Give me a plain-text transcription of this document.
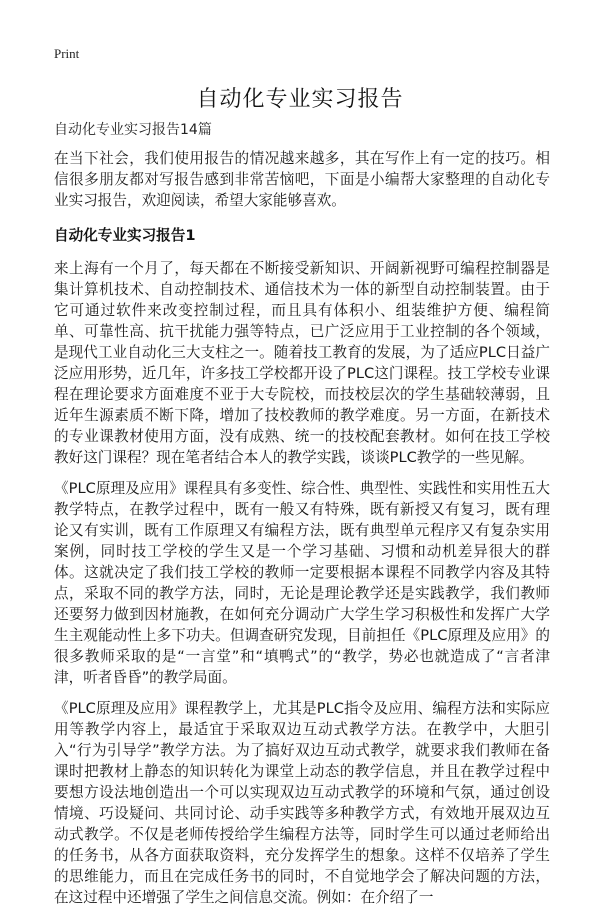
Print
自动化专业实习报告
自动化专业实习报告14篇

在当下社会，我们使用报告的情况越来越多，其在写作上有一定的技巧。相信很多朋友都对写报告感到非常苦恼吧，下面是小编帮大家整理的自动化专业实习报告，欢迎阅读，希望大家能够喜欢。

自动化专业实习报告1

来上海有一个月了，每天都在不断接受新知识、开阔新视野可编程控制器是集计算机技术、自动控制技术、通信技术为一体的新型自动控制装置。由于它可通过软件来改变控制过程，而且具有体积小、组装维护方便、编程简单、可靠性高、抗干扰能力强等特点，已广泛应用于工业控制的各个领域，是现代工业自动化三大支柱之一。随着技工教育的发展，为了适应PLC日益广泛应用形势，近几年，许多技工学校都开设了PLC这门课程。技工学校专业课程在理论要求方面难度不亚于大专院校，而技校层次的学生基础较薄弱，且近年生源素质不断下降，增加了技校教师的教学难度。另一方面，在新技术的专业课教材使用方面，没有成熟、统一的技校配套教材。如何在技工学校教好这门课程？现在笔者结合本人的教学实践，谈谈PLC教学的一些见解。

《PLC原理及应用》课程具有多变性、综合性、典型性、实践性和实用性五大教学特点，在教学过程中，既有一般又有特殊，既有新授又有复习，既有理论又有实训，既有工作原理又有编程方法，既有典型单元程序又有复杂实用案例，同时技工学校的学生又是一个学习基础、习惯和动机差异很大的群体。这就决定了我们技工学校的教师一定要根据本课程不同教学内容及其特点，采取不同的教学方法，同时，无论是理论教学还是实践教学，我们教师还要努力做到因材施教，在如何充分调动广大学生学习积极性和发挥广大学生主观能动性上多下功夫。但调查研究发现，目前担任《PLC原理及应用》的很多教师采取的是“一言堂”和“填鸭式”的“教学，势必也就造成了“言者津津，听者昏昏”的教学局面。

《PLC原理及应用》课程教学上，尤其是PLC指令及应用、编程方法和实际应用等教学内容上，最适宜于采取双边互动式教学方法。在教学中，大胆引入“行为引导学”教学方法。为了搞好双边互动式教学，就要求我们教师在备课时把教材上静态的知识转化为课堂上动态的教学信息，并且在教学过程中要想方设法地创造出一个可以实现双边互动式教学的环境和气氛，通过创设情境、巧设疑问、共同讨论、动手实践等多种教学方式，有效地开展双边互动式教学。不仅是老师传授给学生编程方法等，同时学生可以通过老师给出的任务书，从各方面获取资料，充分发挥学生的想象。这样不仅培养了学生的思维能力，而且在完成任务书的同时，不自觉地学会了解决问题的方法，在这过程中还增强了学生之间信息交流。例如：在介绍了一
